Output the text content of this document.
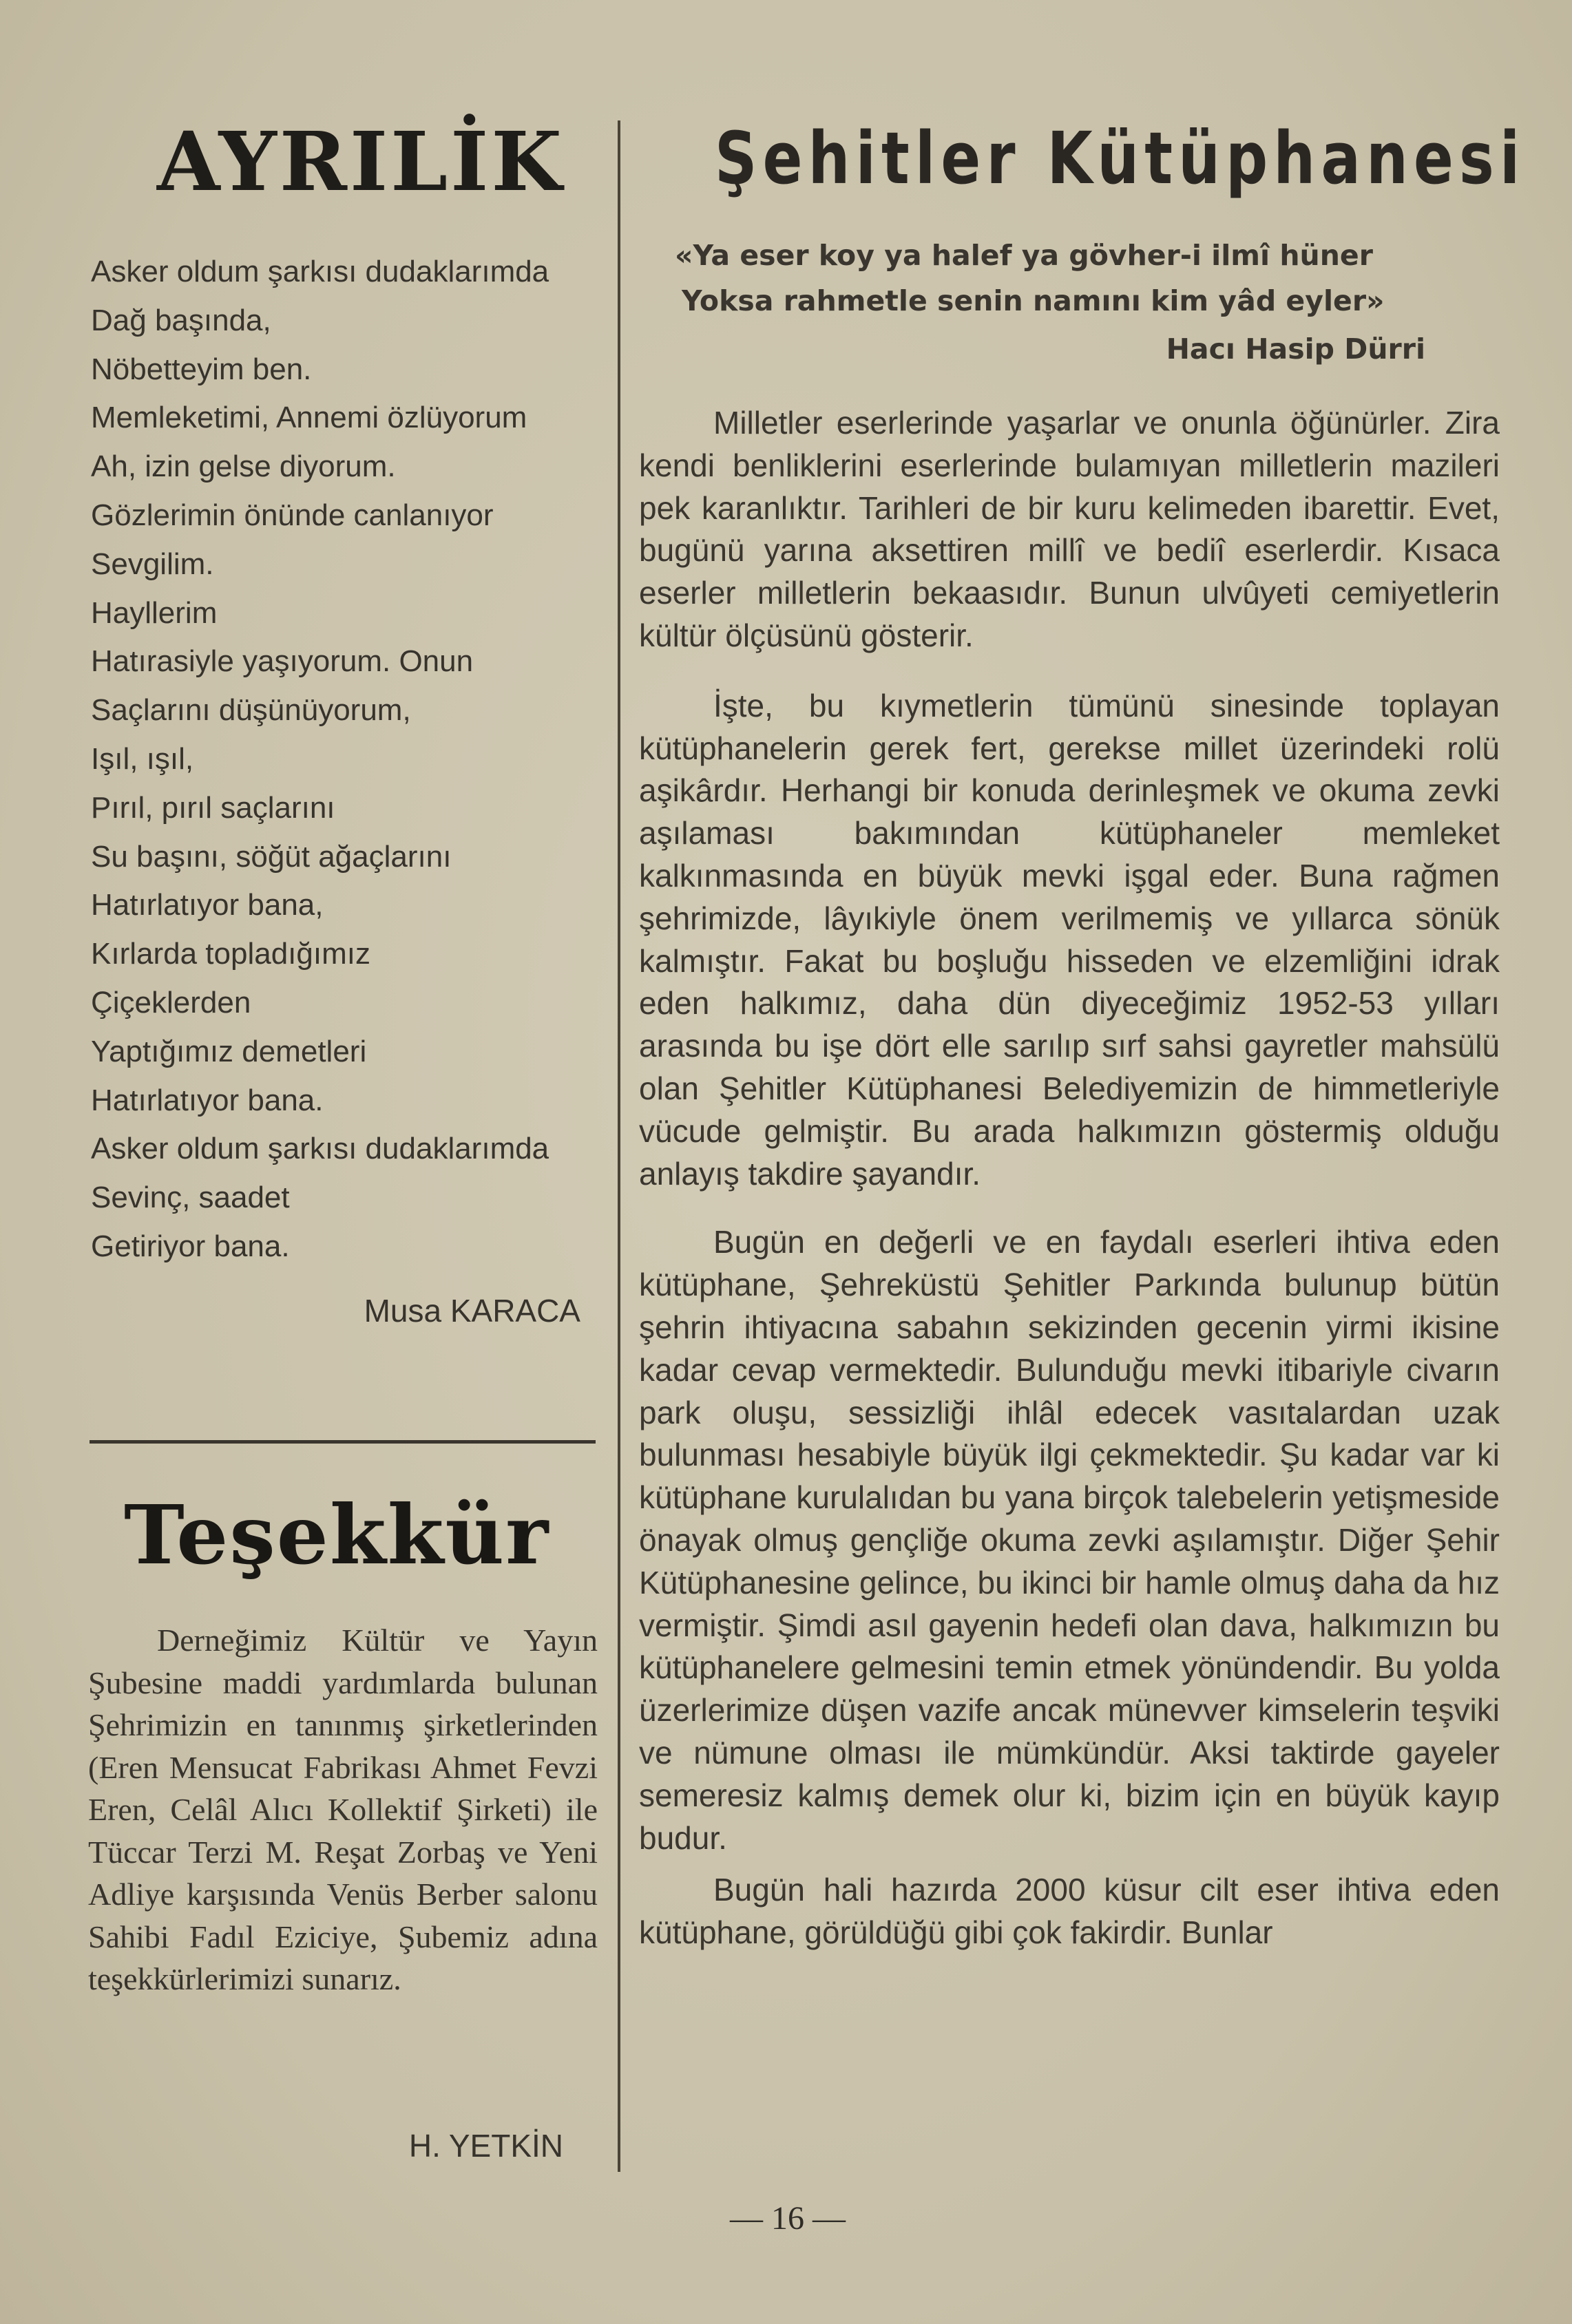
AYRILİK
Asker oldum şarkısı dudaklarımda
Dağ başında,
Nöbetteyim ben.
Memleketimi, Annemi özlüyorum
Ah, izin gelse diyorum.
Gözlerimin önünde canlanıyor
Sevgilim.
Hayllerim
Hatırasiyle yaşıyorum. Onun
Saçlarını düşünüyorum,
Işıl, ışıl,
Pırıl, pırıl saçlarını
Su başını, söğüt ağaçlarını
Hatırlatıyor bana,
Kırlarda topladığımız
Çiçeklerden
Yaptığımız demetleri
Hatırlatıyor bana.
Asker oldum şarkısı dudaklarımda
Sevinç, saadet
Getiriyor bana.
Musa KARACA
Teşekkür

Derneğimiz Kültür ve Yayın Şubesine maddi yardımlarda bulunan Şehrimizin en tanınmış şirketlerinden (Eren Mensucat Fabrikası Ahmet Fevzi Eren, Celâl Alıcı Kollektif Şirketi) ile Tüccar Terzi M. Reşat Zorbaş ve Yeni Adliye karşısında Venüs Berber salonu Sahibi Fadıl Eziciye, Şubemiz adına teşekkürlerimizi sunarız.

H. YETKİN
Şehitler Kütüphanesi

«Ya eser koy ya halef ya gövher-i ilmî hüner

Yoksa rahmetle senin namını kim yâd eyler»

Hacı Hasip Dürri

Milletler eserlerinde yaşarlar ve onunla öğünürler. Zira kendi benliklerini eserlerinde bulamıyan milletlerin mazileri pek karanlıktır. Tarihleri de bir kuru kelimeden ibarettir. Evet, bugünü yarına aksettiren millî ve bediî eserlerdir. Kısaca eserler milletlerin bekaasıdır. Bunun ulvûyeti cemiyetlerin kültür ölçüsünü gösterir.

İşte, bu kıymetlerin tümünü sinesinde toplayan kütüphanelerin gerek fert, gerekse millet üzerindeki rolü aşikârdır. Herhangi bir konuda derinleşmek ve okuma zevki aşılaması bakımından kütüphaneler memleket kalkınmasında en büyük mevki işgal eder. Buna rağmen şehrimizde, lâyıkiyle önem verilmemiş ve yıllarca sönük kalmıştır. Fakat bu boşluğu hisseden ve elzemliğini idrak eden halkımız, daha dün diyeceğimiz 1952-53 yılları arasında bu işe dört elle sarılıp sırf sahsi gayretler mahsülü olan Şehitler Kütüphanesi Belediyemizin de himmetleriyle vücude gelmiştir. Bu arada halkımızın göstermiş olduğu anlayış takdire şayandır.

Bugün en değerli ve en faydalı eserleri ihtiva eden kütüphane, Şehreküstü Şehitler Parkında bulunup bütün şehrin ihtiyacına sabahın sekizinden gecenin yirmi ikisine kadar cevap vermektedir. Bulunduğu mevki itibariyle civarın park oluşu, sessizliği ihlâl edecek vasıtalardan uzak bulunması hesabiyle büyük ilgi çekmektedir. Şu kadar var ki kütüphane kurulalıdan bu yana birçok talebelerin yetişmeside önayak olmuş gençliğe okuma zevki aşılamıştır. Diğer Şehir Kütüphanesine gelince, bu ikinci bir hamle olmuş daha da hız vermiştir. Şimdi asıl gayenin hedefi olan dava, halkımızın bu kütüphanelere gelmesini temin etmek yönündendir. Bu yolda üzerlerimize düşen vazife ancak münevver kimselerin teşviki ve nümune olması ile mümkündür. Aksi taktirde gayeler semeresiz kalmış demek olur ki, bizim için en büyük kayıp budur.

Bugün hali hazırda 2000 küsur cilt eser ihtiva eden kütüphane, görüldüğü gibi çok fakirdir. Bunlar

— 16 —
